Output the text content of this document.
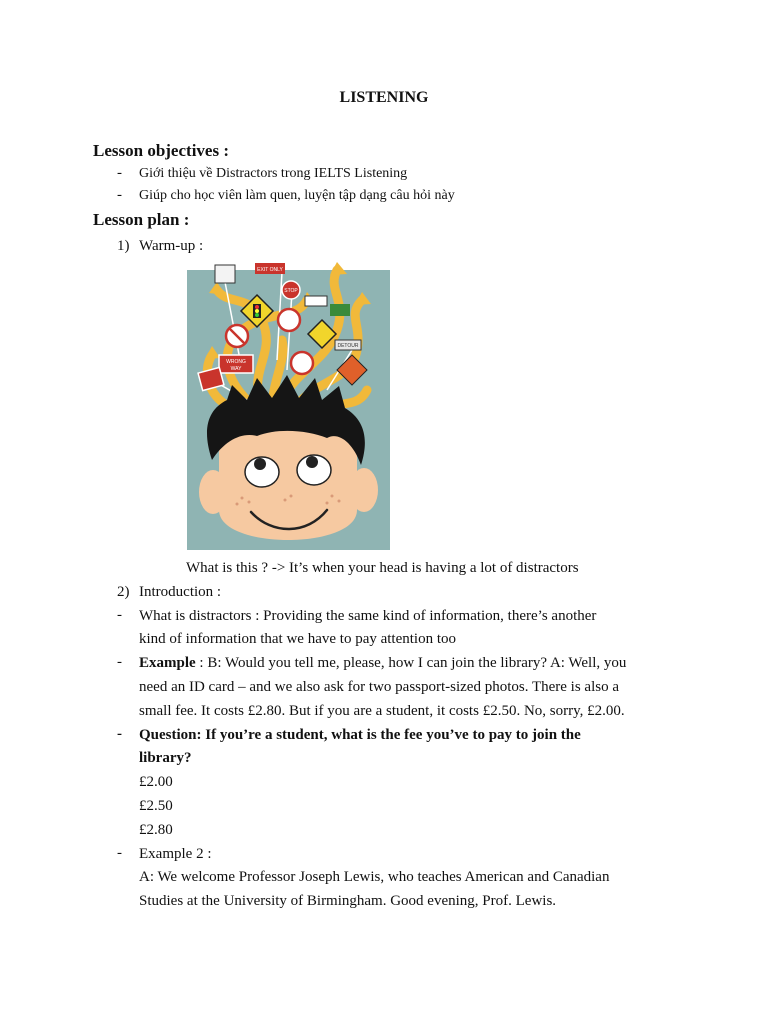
LISTENING
Lesson objectives :
- Giới thiệu về Distractors trong IELTS Listening
- Giúp cho học viên làm quen, luyện tập dạng câu hỏi này
Lesson plan :
1) Warm-up :
EXIT ONLY
STOP
DETOUR
WRONG
WAY
What is this ? -> It’s when your head is having a lot of distractors
2) Introduction :
- What is distractors : Providing the same kind of information, there’s another
kind of information that we have to pay attention too
- Example : B: Would you tell me, please, how I can join the library? A: Well, you
need an ID card – and we also ask for two passport-sized photos. There is also a
small fee. It costs £2.80. But if you are a student, it costs £2.50. No, sorry, £2.00.
- Question: If you’re a student, what is the fee you’ve to pay to join the
library?
£2.00
£2.50
£2.80
- Example 2 :
A: We welcome Professor Joseph Lewis, who teaches American and Canadian
Studies at the University of Birmingham. Good evening, Prof. Lewis.
